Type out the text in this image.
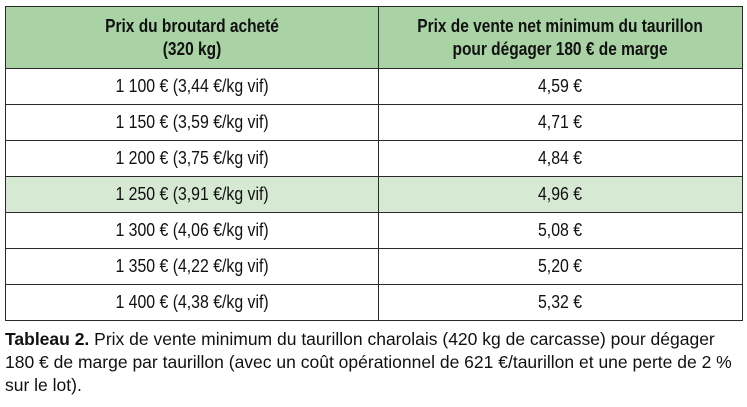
Prix du broutard acheté
(320 kg)	Prix de vente net minimum du taurillon
pour dégager 180 € de marge
1 100 € (3,44 €/kg vif)	4,59 €
1 150 € (3,59 €/kg vif)	4,71 €
1 200 € (3,75 €/kg vif)	4,84 €
1 250 € (3,91 €/kg vif)	4,96 €
1 300 € (4,06 €/kg vif)	5,08 €
1 350 € (4,22 €/kg vif)	5,20 €
1 400 € (4,38 €/kg vif)	5,32 €
Tableau 2. Prix de vente minimum du taurillon charolais (420 kg de carcasse) pour dégager 180 € de marge par taurillon (avec un coût opérationnel de 621 €/taurillon et une perte de 2 % sur le lot).
